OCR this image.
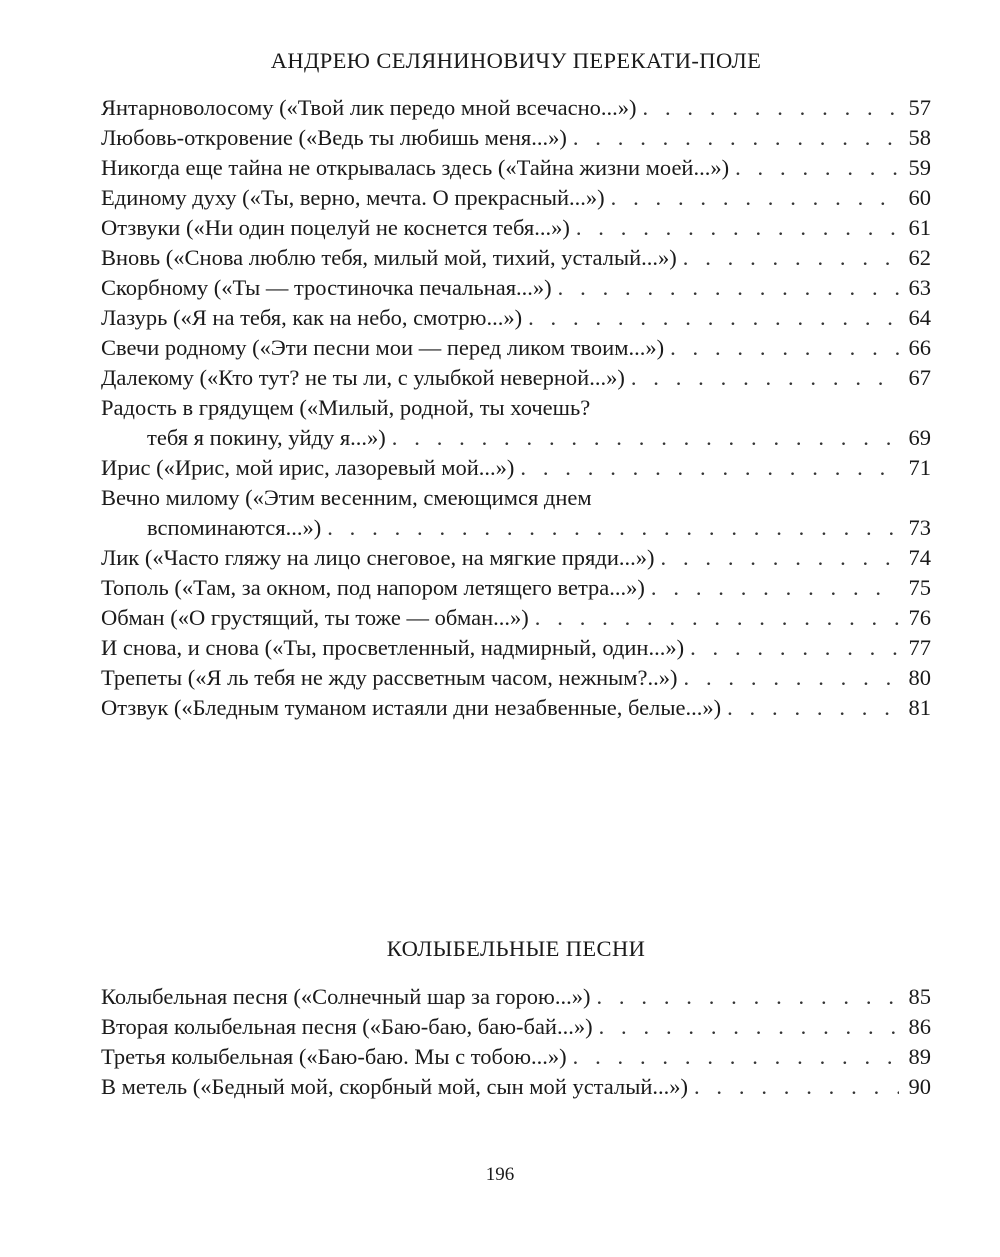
АНДРЕЮ СЕЛЯНИНОВИЧУ ПЕРЕКАТИ-ПОЛЕ
Янтарноволосому («Твой лик передо мной всечасно...») . . .	57
Любовь-откровение («Ведь ты любишь меня...») . . .	58
Никогда еще тайна не открывалась здесь («Тайна жизни моей...») . . .	59
Единому духу («Ты, верно, мечта. О прекрасный...») . . .	60
Отзвуки («Ни один поцелуй не коснется тебя...») . . .	61
Вновь («Снова люблю тебя, милый мой, тихий, усталый...») . . .	62
Скорбному («Ты — тростиночка печальная...») . . .	63
Лазурь («Я на тебя, как на небо, смотрю...») . . .	64
Свечи родному («Эти песни мои — перед ликом твоим...») . . .	66
Далекому («Кто тут? не ты ли, с улыбкой неверной...») . . .	67
Радость в грядущем («Милый, родной, ты хочешь?
тебя я покину, уйду я...») . . .	69
Ирис («Ирис, мой ирис, лазоревый мой...») . . .	71
Вечно милому («Этим весенним, смеющимся днем
вспоминаются...») . . .	73
Лик («Часто гляжу на лицо снеговое, на мягкие пряди...») . . .	74
Тополь («Там, за окном, под напором летящего ветра...») . . .	75
Обман («О грустящий, ты тоже — обман...») . . .	76
И снова, и снова («Ты, просветленный, надмирный, один...») . . .	77
Трепеты («Я ль тебя не жду рассветным часом, нежным?..») . . .	80
Отзвук («Бледным туманом истаяли дни незабвенные, белые...») . . .	81
КОЛЫБЕЛЬНЫЕ ПЕСНИ
Колыбельная песня («Солнечный шар за горою...») . . .	85
Вторая колыбельная песня («Баю-баю, баю-бай...») . . .	86
Третья колыбельная («Баю-баю. Мы с тобою...») . . .	89
В метель («Бедный мой, скорбный мой, сын мой усталый...») . . .	90
196
